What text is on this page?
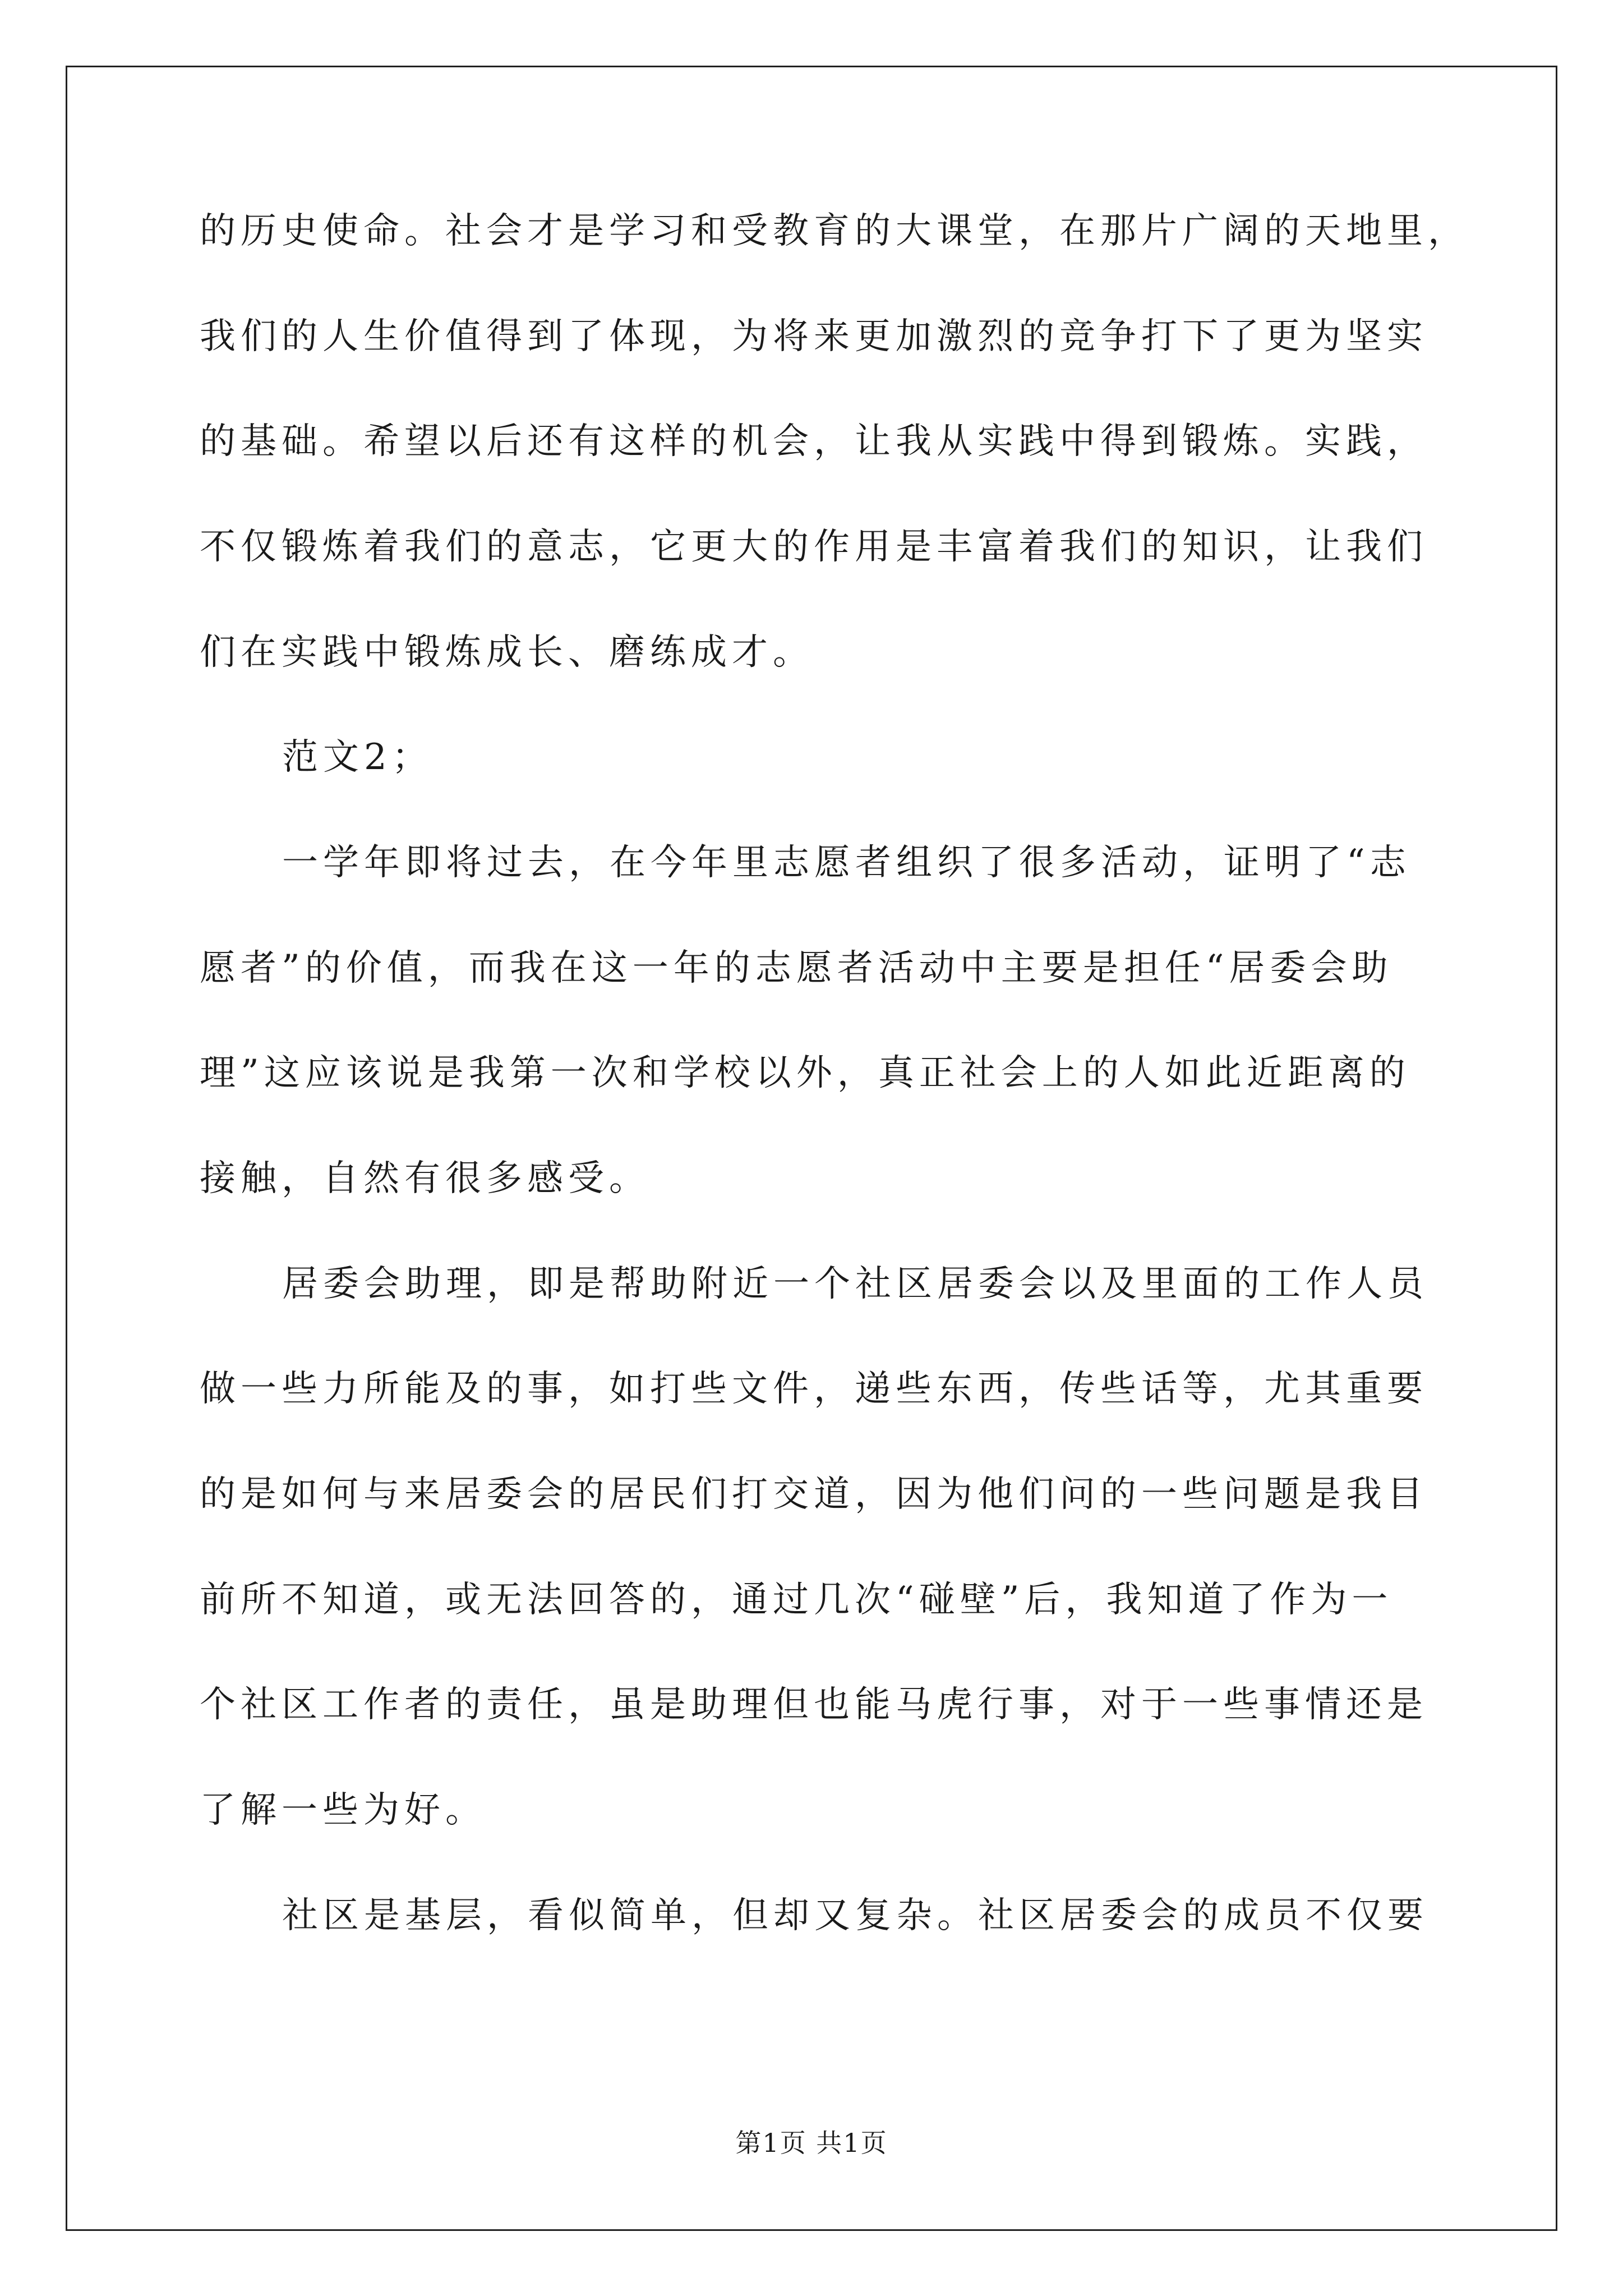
的历史使命。社会才是学习和受教育的大课堂，在那片广阔的天地里，
我们的人生价值得到了体现，为将来更加激烈的竞争打下了更为坚实
的基础。希望以后还有这样的机会，让我从实践中得到锻炼。实践，
不仅锻炼着我们的意志，它更大的作用是丰富着我们的知识，让我们
们在实践中锻炼成长、磨练成才。
范文2；
一学年即将过去，在今年里志愿者组织了很多活动，证明了“志
愿者”的价值，而我在这一年的志愿者活动中主要是担任“居委会助
理”这应该说是我第一次和学校以外，真正社会上的人如此近距离的
接触，自然有很多感受。
居委会助理，即是帮助附近一个社区居委会以及里面的工作人员
做一些力所能及的事，如打些文件，递些东西，传些话等，尤其重要
的是如何与来居委会的居民们打交道，因为他们问的一些问题是我目
前所不知道，或无法回答的，通过几次“碰壁”后，我知道了作为一
个社区工作者的责任，虽是助理但也能马虎行事，对于一些事情还是
了解一些为好。
社区是基层，看似简单，但却又复杂。社区居委会的成员不仅要
第1页 共1页
